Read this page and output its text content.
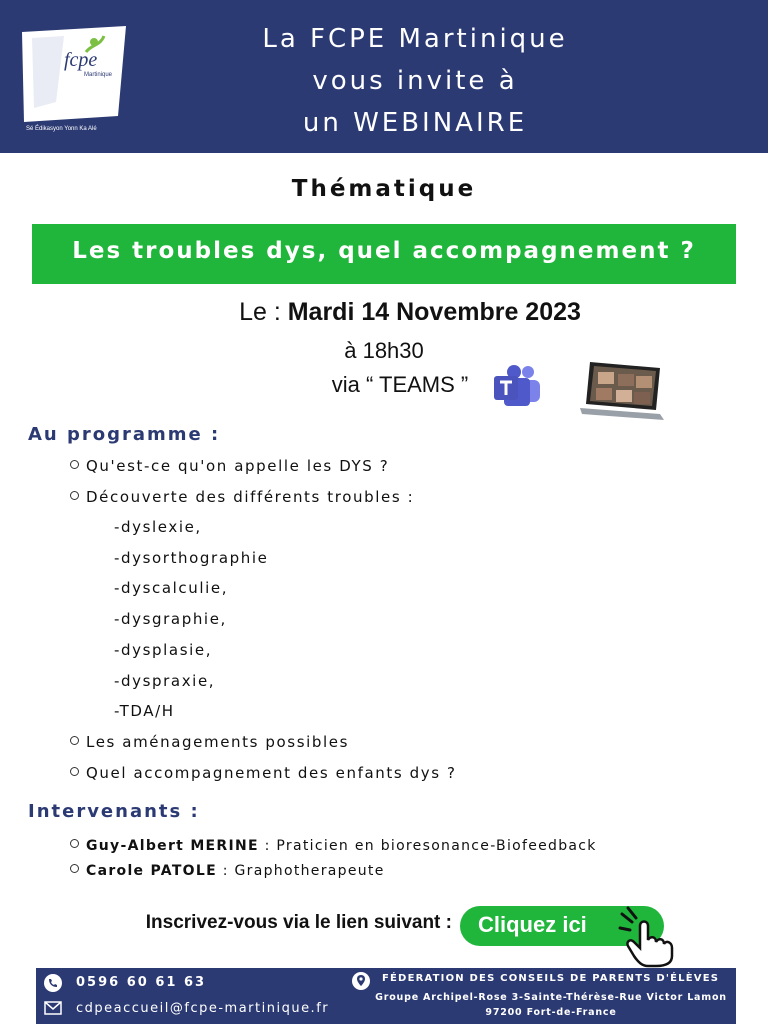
fcpe
Martinique
Sé Édikasyon Yonn Ka Alé
La FCPE Martinique
vous invite à
un WEBINAIRE
Thématique
Les troubles dys, quel accompagnement ?
Le : Mardi 14 Novembre 2023
à 18h30
via “ TEAMS ”
Au programme :
Qu'est-ce qu'on appelle les DYS ?
Découverte des différents troubles :
-dyslexie,
-dysorthographie
-dyscalculie,
-dysgraphie,
-dysplasie,
-dyspraxie,
-TDA/H
Les aménagements possibles
Quel accompagnement des enfants dys ?
Intervenants :
Guy-Albert MERINE : Praticien en bioresonance-Biofeedback
Carole PATOLE : Graphotherapeute
Inscrivez-vous via le lien suivant : Cliquez ici
0596 60 61 63
cdpeaccueil@fcpe-martinique.fr
FÉDERATION DES CONSEILS DE PARENTS D'ÉLÈVES
Groupe Archipel-Rose 3-Sainte-Thérèse-Rue Victor Lamon
97200 Fort-de-France
